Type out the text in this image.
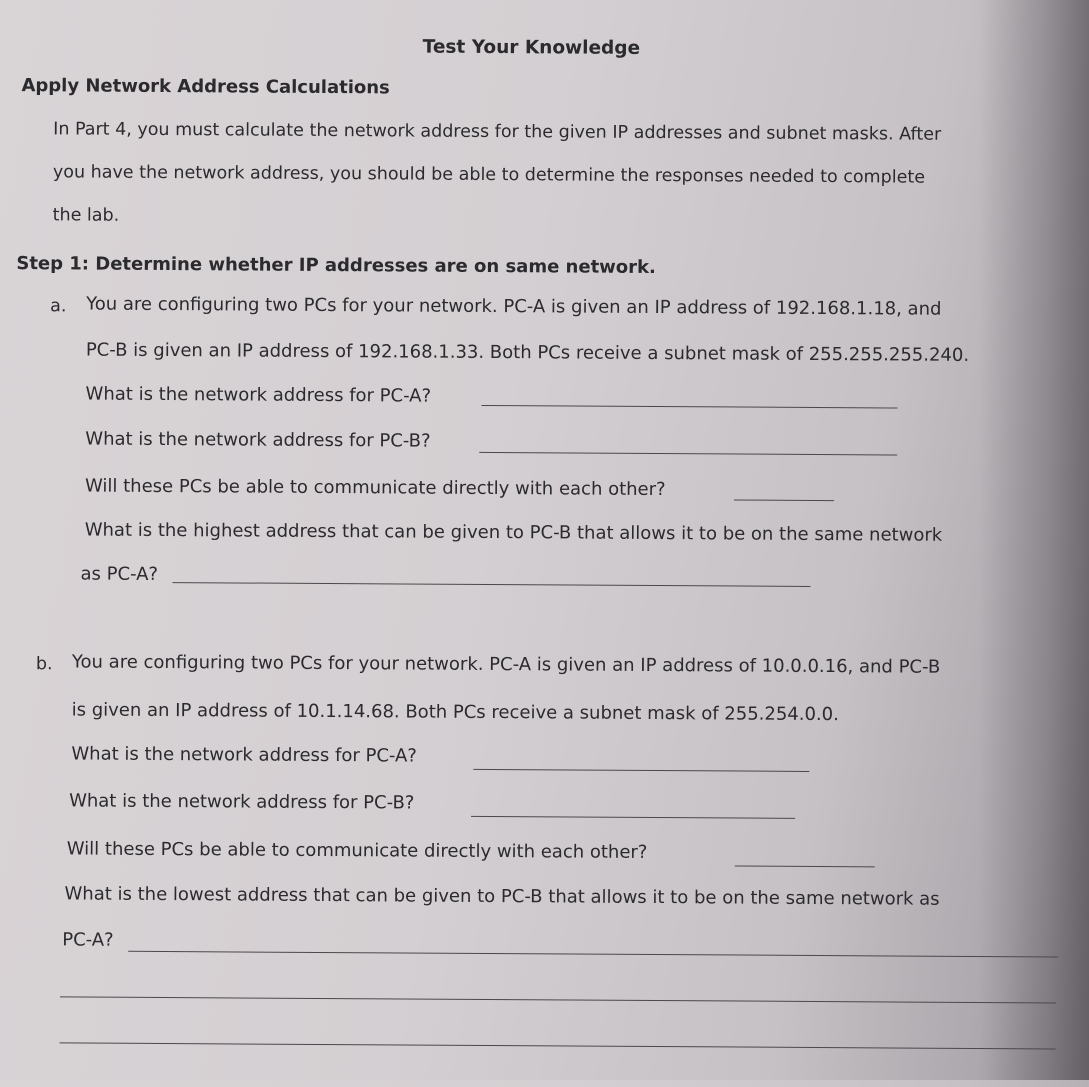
Test Your Knowledge
Apply Network Address Calculations
In Part 4, you must calculate the network address for the given IP addresses and subnet masks. After
you have the network address, you should be able to determine the responses needed to complete
the lab.
Step 1: Determine whether IP addresses are on same network.
a. You are configuring two PCs for your network. PC-A is given an IP address of 192.168.1.18, and
PC-B is given an IP address of 192.168.1.33. Both PCs receive a subnet mask of 255.255.255.240.
What is the network address for PC-A?
What is the network address for PC-B?
Will these PCs be able to communicate directly with each other?
What is the highest address that can be given to PC-B that allows it to be on the same network
as PC-A?
b. You are configuring two PCs for your network. PC-A is given an IP address of 10.0.0.16, and PC-B
is given an IP address of 10.1.14.68. Both PCs receive a subnet mask of 255.254.0.0.
What is the network address for PC-A?
What is the network address for PC-B?
Will these PCs be able to communicate directly with each other?
What is the lowest address that can be given to PC-B that allows it to be on the same network as
PC-A?
